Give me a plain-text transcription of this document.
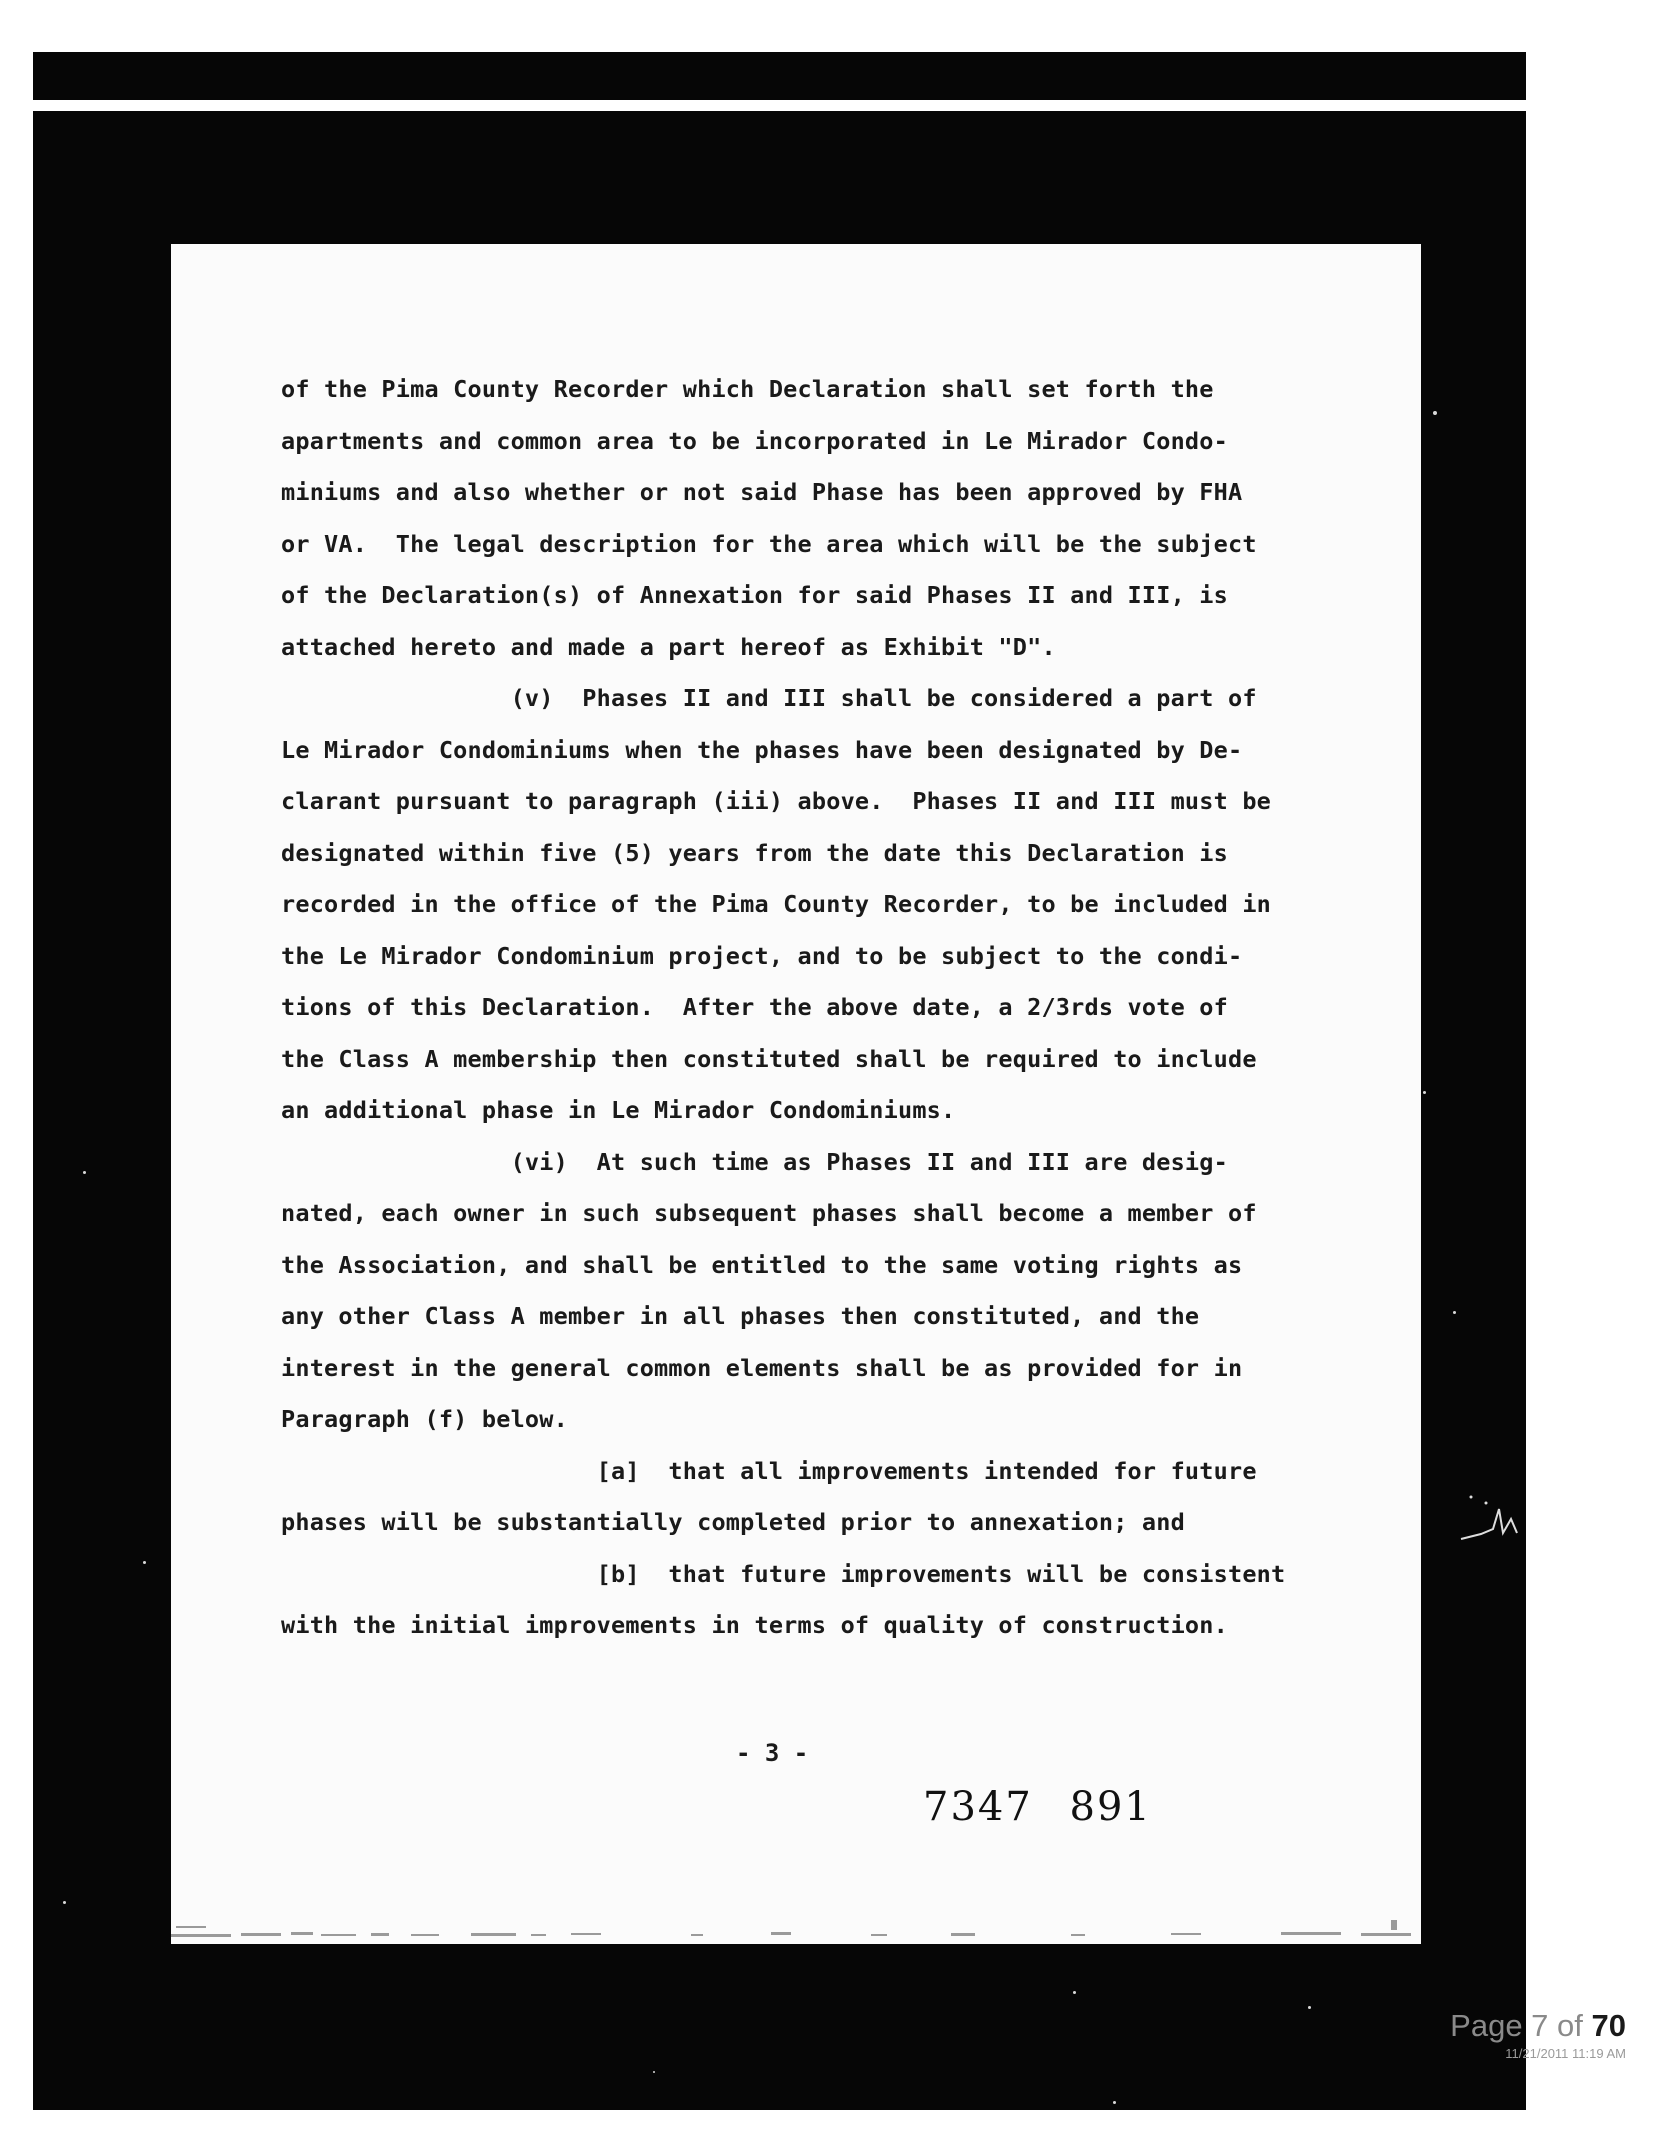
of the Pima County Recorder which Declaration shall set forth the
apartments and common area to be incorporated in Le Mirador Condo-
miniums and also whether or not said Phase has been approved by FHA
or VA.  The legal description for the area which will be the subject
of the Declaration(s) of Annexation for said Phases II and III, is
attached hereto and made a part hereof as Exhibit "D".
(v)  Phases II and III shall be considered a part of
Le Mirador Condominiums when the phases have been designated by De-
clarant pursuant to paragraph (iii) above.  Phases II and III must be
designated within five (5) years from the date this Declaration is
recorded in the office of the Pima County Recorder, to be included in
the Le Mirador Condominium project, and to be subject to the condi-
tions of this Declaration.  After the above date, a 2/3rds vote of
the Class A membership then constituted shall be required to include
an additional phase in Le Mirador Condominiums.
(vi)  At such time as Phases II and III are desig-
nated, each owner in such subsequent phases shall become a member of
the Association, and shall be entitled to the same voting rights as
any other Class A member in all phases then constituted, and the
interest in the general common elements shall be as provided for in
Paragraph (f) below.
[a]  that all improvements intended for future
phases will be substantially completed prior to annexation; and
[b]  that future improvements will be consistent
with the initial improvements in terms of quality of construction.
- 3 -
7347 891
Page 7 of 70
11/21/2011 11:19 AM
